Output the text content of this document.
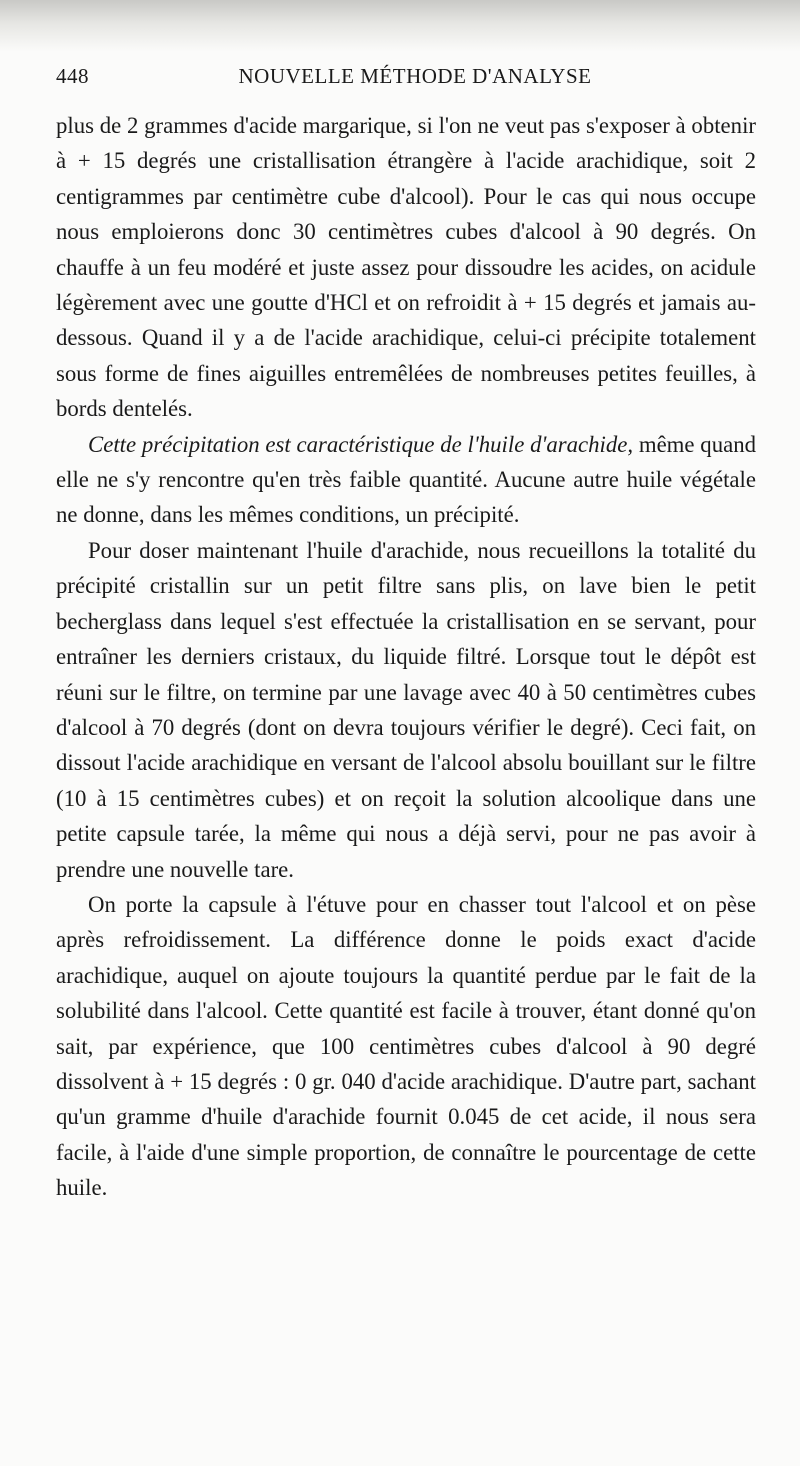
448	NOUVELLE MÉTHODE D'ANALYSE

plus de 2 grammes d'acide margarique, si l'on ne veut pas s'exposer à obtenir à + 15 degrés une cristallisation étrangère à l'acide arachidique, soit 2 centigrammes par centimètre cube d'alcool). Pour le cas qui nous occupe nous emploierons donc 30 centimètres cubes d'alcool à 90 degrés. On chauffe à un feu modéré et juste assez pour dissoudre les acides, on acidule légèrement avec une goutte d'HCl et on refroidit à + 15 degrés et jamais au-dessous. Quand il y a de l'acide arachidique, celui-ci précipite totalement sous forme de fines aiguilles entremêlées de nombreuses petites feuilles, à bords dentelés.

Cette précipitation est caractéristique de l'huile d'arachide, même quand elle ne s'y rencontre qu'en très faible quantité. Aucune autre huile végétale ne donne, dans les mêmes conditions, un précipité.

Pour doser maintenant l'huile d'arachide, nous recueillons la totalité du précipité cristallin sur un petit filtre sans plis, on lave bien le petit becherglass dans lequel s'est effectuée la cristallisation en se servant, pour entraîner les derniers cristaux, du liquide filtré. Lorsque tout le dépôt est réuni sur le filtre, on termine par une lavage avec 40 à 50 centimètres cubes d'alcool à 70 degrés (dont on devra toujours vérifier le degré). Ceci fait, on dissout l'acide arachidique en versant de l'alcool absolu bouillant sur le filtre (10 à 15 centimètres cubes) et on reçoit la solution alcoolique dans une petite capsule tarée, la même qui nous a déjà servi, pour ne pas avoir à prendre une nouvelle tare.

On porte la capsule à l'étuve pour en chasser tout l'alcool et on pèse après refroidissement. La différence donne le poids exact d'acide arachidique, auquel on ajoute toujours la quantité perdue par le fait de la solubilité dans l'alcool. Cette quantité est facile à trouver, étant donné qu'on sait, par expérience, que 100 centimètres cubes d'alcool à 90 degré dissolvent à + 15 degrés : 0 gr. 040 d'acide arachidique. D'autre part, sachant qu'un gramme d'huile d'arachide fournit 0.045 de cet acide, il nous sera facile, à l'aide d'une simple proportion, de connaître le pourcentage de cette huile.
